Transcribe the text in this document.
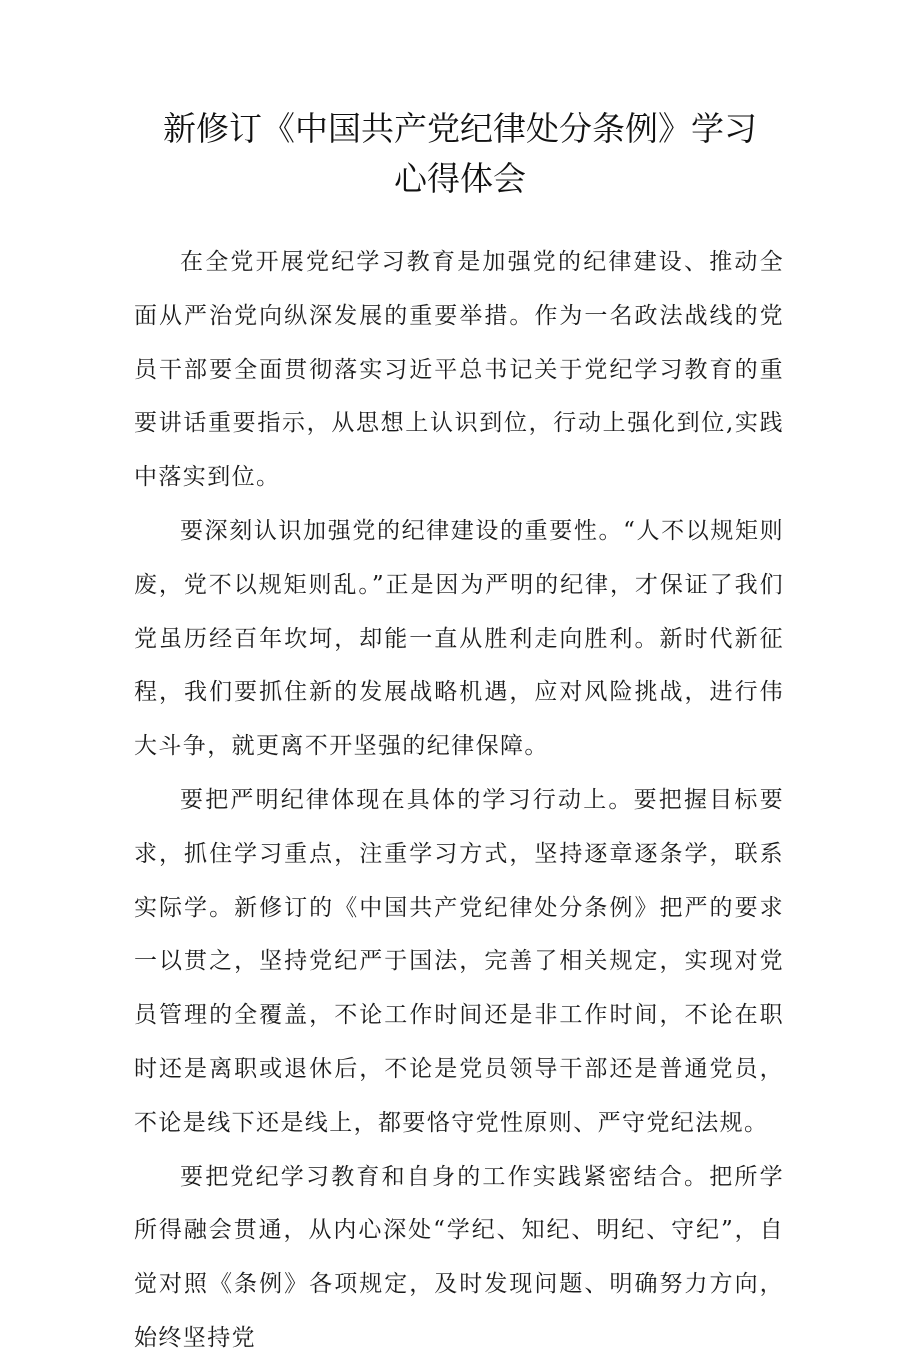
新修订《中国共产党纪律处分条例》学习
心得体会

在全党开展党纪学习教育是加强党的纪律建设、推动全面从严治党向纵深发展的重要举措。作为一名政法战线的党员干部要全面贯彻落实习近平总书记关于党纪学习教育的重要讲话重要指示，从思想上认识到位，行动上强化到位,实践中落实到位。

要深刻认识加强党的纪律建设的重要性。“人不以规矩则废，党不以规矩则乱。”正是因为严明的纪律，才保证了我们党虽历经百年坎坷，却能一直从胜利走向胜利。新时代新征程，我们要抓住新的发展战略机遇，应对风险挑战，进行伟大斗争，就更离不开坚强的纪律保障。

要把严明纪律体现在具体的学习行动上。要把握目标要求，抓住学习重点，注重学习方式，坚持逐章逐条学，联系实际学。新修订的《中国共产党纪律处分条例》把严的要求一以贯之，坚持党纪严于国法，完善了相关规定，实现对党员管理的全覆盖，不论工作时间还是非工作时间，不论在职时还是离职或退休后，不论是党员领导干部还是普通党员，不论是线下还是线上，都要恪守党性原则、严守党纪法规。

要把党纪学习教育和自身的工作实践紧密结合。把所学所得融会贯通，从内心深处“学纪、知纪、明纪、守纪”，自觉对照《条例》各项规定，及时发现问题、明确努力方向，始终坚持党
